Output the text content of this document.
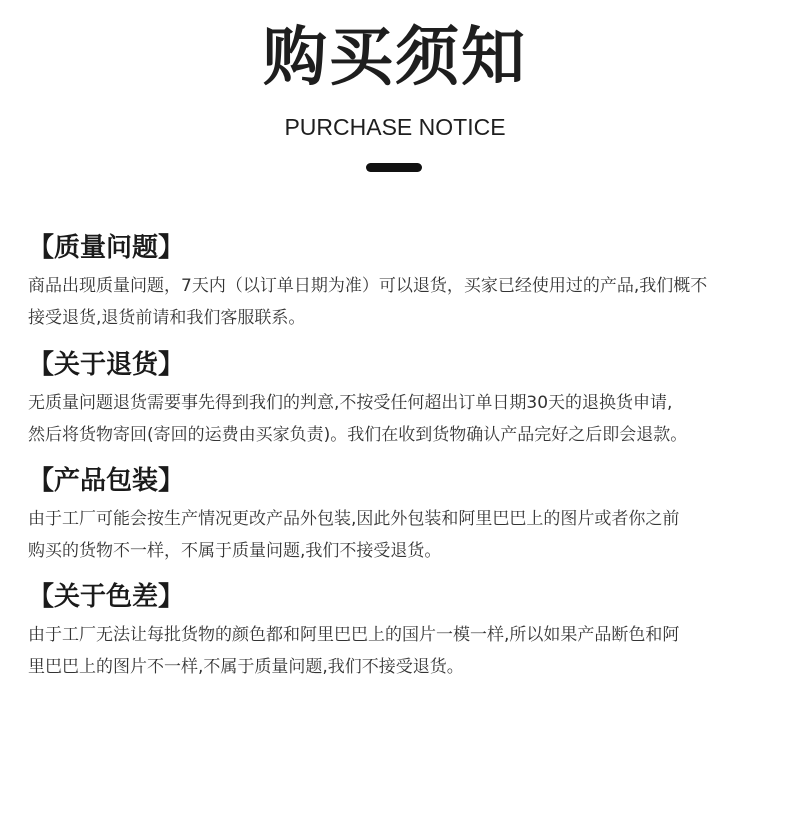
购买须知
PURCHASE NOTICE
【质量问题】
商品出现质量问题，7天内（以订单日期为准）可以退货，买家已经使用过的产品,我们概不
接受退货,退货前请和我们客服联系。
【关于退货】
无质量问题退货需要事先得到我们的判意,不按受任何超出订单日期30天的退换货申请,
然后将货物寄回(寄回的运费由买家负责)。我们在收到货物确认产品完好之后即会退款。
【产品包装】
由于工厂可能会按生产情况更改产品外包装,因此外包装和阿里巴巴上的图片或者你之前
购买的货物不一样，不属于质量问题,我们不接受退货。
【关于色差】
由于工厂无法让每批货物的颜色都和阿里巴巴上的国片一模一样,所以如果产品断色和阿
里巴巴上的图片不一样,不属于质量问题,我们不接受退货。
